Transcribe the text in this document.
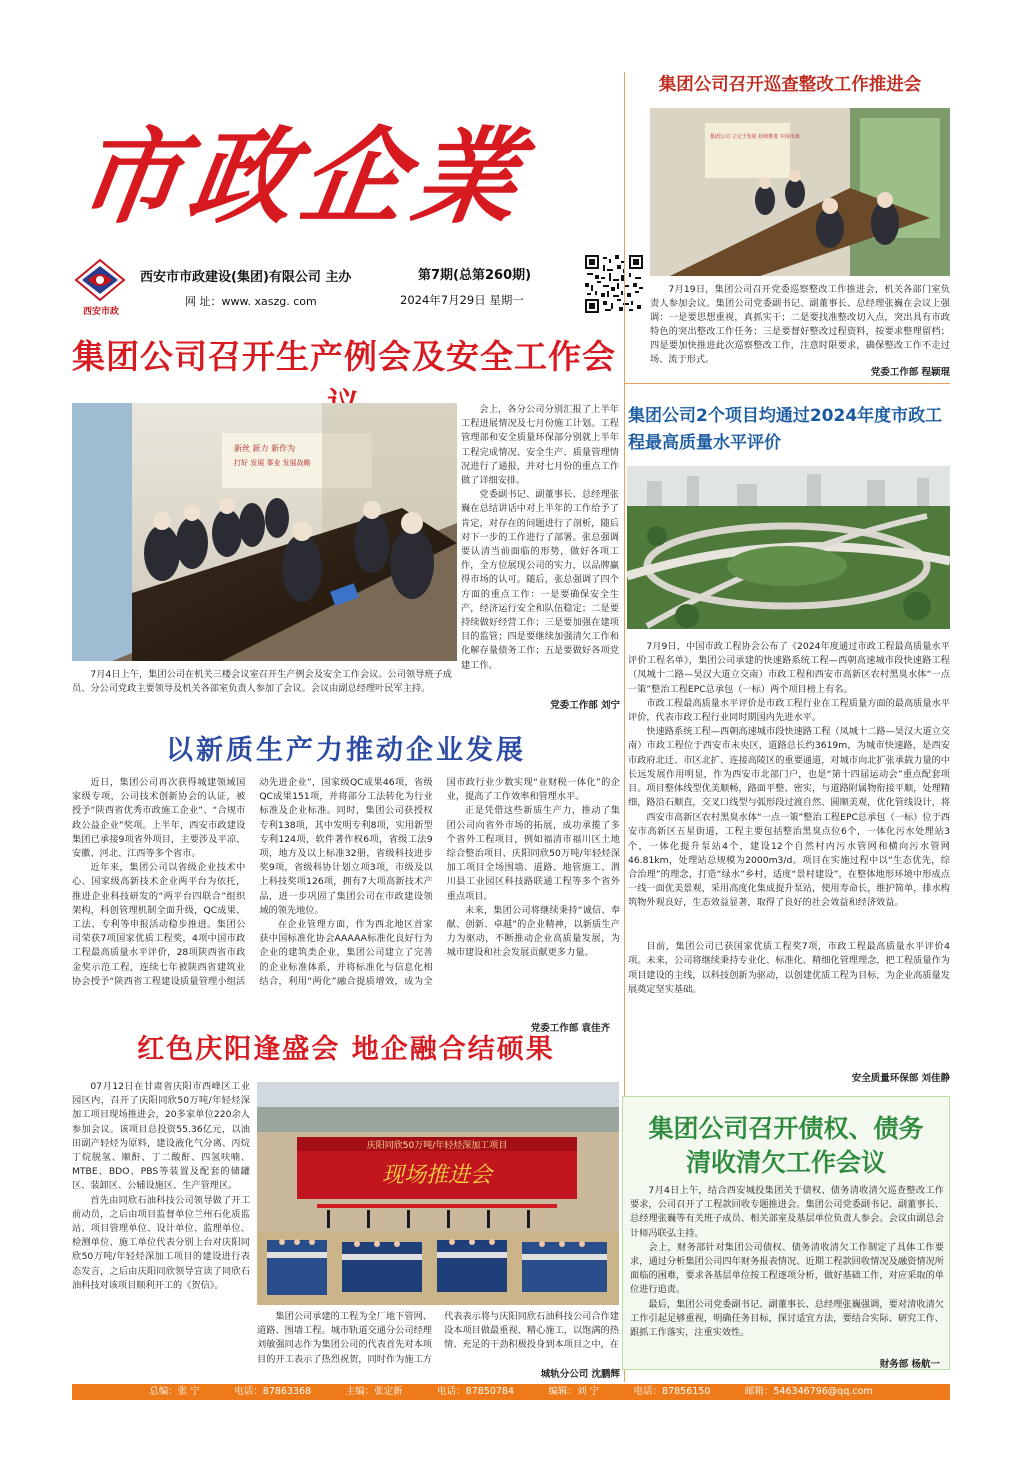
市政企業
西安市政
西安市市政建设(集团)有限公司 主办
网 址：www. xaszg. com
第7期(总第260期)
2024年7月29日 星期一
集团公司召开生产例会及安全工作会
新丝 新力 新作为
打好 发展 事业 发展战略

会上，各分公司分别汇报了上半年工程进展情况及七月份施工计划。工程管理部和安全质量环保部分别就上半年工程完成情况、安全生产、质量管理情况进行了通报，并对七月份的重点工作做了详细安排。

党委副书记、副董事长、总经理张巍在总结讲话中对上半年的工作给予了肯定，对存在的问题进行了剖析，随后对下一步的工作进行了部署。张总强调要认清当前面临的形势，做好各项工作，全方位展现公司的实力，以品牌赢得市场的认可。随后，张总强调了四个方面的重点工作：一是要确保安全生产，经济运行安全和队伍稳定；二是要持续做好经营工作；三是要加强在建项目的监管；四是要继续加强清欠工作和化解存量债务工作；五是要做好各项党建工作。

7月4日上午，集团公司在机关三楼会议室召开生产例会及安全工作会议。公司领导班子成员、分公司党政主要领导及机关各部室负责人参加了会议。会议由副总经理叶民军主持。
党委工作部 刘宁
以新质生产力推动企业发展

近日，集团公司再次获得城建领域国家级专项，公司技术创新协会的认证，被授予“陕西省优秀市政施工企业”、“合规市政公益企业”奖项。上半年，西安市政建设集团已承接9项省外项目，主要涉及平凉、安徽、河北、江西等多个省市。

近年来，集团公司以省级企业技术中心、国家级高新技术企业两平台为依托，推进企业科技研发的“两平台四联合”组织架构，科创管理机制全面升级，QC成果、工法、专利等申报活动稳步推进。集团公司荣获7项国家优质工程奖，4项中国市政工程最高质量水平评价，28项陕西省市政金奖示范工程，连续七年被陕西省建筑业协会授予“陕西省工程建设质量管理小组活动先进企业”，国家级QC成果46项，省级QC成果151项，并将部分工法转化为行业标准及企业标准。同时，集团公司获授权专利138项，其中发明专利8项，实用新型专利124项，软件著作权6项，省级工法9项，地方及以上标准32册，省级科技进步奖9项，省级科协计划立项3项，市级及以上科技奖项126项，拥有7大项高新技术产品，进一步巩固了集团公司在市政建设领域的领先地位。

在企业管理方面，作为西北地区首家获中国标准化协会AAAAA标准化良好行为企业的建筑类企业，集团公司建立了完善的企业标准体系，并将标准化与信息化相结合，利用“两化”融合提质增效，成为全国市政行业少数实现“业财税一体化”的企业，提高了工作效率和管理水平。

正是凭借这些新质生产力，推动了集团公司向省外市场的拓展，成功承揽了多个省外工程项目，例如福清市福川区土地综合整治项目、庆阳同欣50万吨/年轻烃深加工项目全场围墙、道路、地管施工、渭川县工业园区科技路联通工程等多个省外重点项目。

未来，集团公司将继续秉持“诚信、奉献、创新、卓越”的企业精神，以新质生产力为驱动，不断推动企业高质量发展，为城市建设和社会发展贡献更多力量。

党委工作部 袁佳齐
红色庆阳逢盛会 地企融合结硕果

07月12日在甘肃省庆阳市西峰区工业园区内，召开了庆阳同欣50万吨/年轻烃深加工项目现场推进会，20多家单位220余人参加会议。该项目总投资55.36亿元，以油田副产轻烃为原料，建设液化气分离、丙烷丁烷脱氢、顺酐、丁二酸酐、四氢呋喃、MTBE、BDO、PBS等装置及配套的储罐区、装卸区、公辅设施区、生产管理区。

首先由同欣石油科技公司领导做了开工前动员，之后由项目监督单位兰州石化质监站、项目管理单位、设计单位、监理单位、检测单位、施工单位代表分别上台对庆阳同欣50万吨/年轻烃深加工项目的建设进行表态发言，之后由庆阳同欣领导宣读了同欣石油科技对该项目顺利开工的《贺信》。

庆阳同欣50万吨/年轻烃深加工项目
现场推进会

集团公司承建的工程为全厂地下管网、道路、围墙工程。城市轨道交通分公司经理刘敏强同志作为集团公司的代表首先对本项目的开工表示了热烈祝贺，同时作为施工方代表表示将与庆阳同欣石油科技公司合作建设本项目做最重视、精心施工，以饱满的热情、充足的干劲积极投身到本项目之中，在

城轨分公司 沈鹏辉
集团公司召开巡查整改工作推进会
集团公司 立足于发展 持续推进 中国市政
7月19日，集团公司召开党委巡察整改工作推进会，机关各部门室负责人参加会议。集团公司党委副书记、副董事长、总经理张巍在会议上强调：一是要思想重视，真抓实干；二是要找准整改切入点，突出具有市政特色的突出整改工作任务；三是要督好整改过程资料，按要求整理留档；四是要加快推进此次巡察整改工作，注意时限要求，确保整改工作不走过场、流于形式。
党委工作部 程颖琨
集团公司2个项目均通过2024年度市政工程最高质量水平评价

7月9日，中国市政工程协会公布了《2024年度通过市政工程最高质量水平评价工程名单》，集团公司承建的快速路系统工程—西朝高速城市段快速路工程（凤城十二路—昊汉大道立交南）市政工程和西安市高新区农村黑臭水体“一点一策”整治工程EPC总承包（一标）两个项目榜上有名。

市政工程最高质量水平评价是市政工程行业在工程质量方面的最高质量水平评价，代表市政工程行业同时期国内先进水平。

快速路系统工程—西朝高速城市段快速路工程（凤城十二路—昊汉大道立交南）市政工程位于西安市未央区，道路总长约3619m，为城市快速路，是西安市政府北迁、市区北扩、连接高陵区的重要通道，对城市向北扩张承载力量的中长远发展作用明显，作为西安市北部门户，也是“第十四届运动会”重点配套项目。项目整体线型优美顺畅，路面平整、密实，与道路附属物衔接平顺，处理精细，路沿石顺直，交叉口线型与弧形段过渡自然、圆顺美观，优化管线设计，将

西安市高新区农村黑臭水体“一点一策”整治工程EPC总承包（一标）位于西安市高新区五星街道，工程主要包括整治黑臭点位6个，一体化污水处理站3个，一体化提升泵站4个，建设12个自然村内污水管网和横向污水管网46.81km，处理站总规模为2000m3/d。项目在实施过程中以“生态优先，综合治理”的理念，打造“绿水”乡村，适度“景村建设”，在整体地形环境中形成点一线一面优美景观，采用高度化集成提升泵站，使用寿命长，维护简单，排水构筑物外观良好，生态效益显著，取得了良好的社会效益和经济效益。

目前，集团公司已获国家优质工程奖7项，市政工程最高质量水平评价4项。未来，公司将继续秉持专业化、标准化、精细化管理理念，把工程质量作为项目建设的主线，以科技创新为驱动，以创建优质工程为目标，为企业高质量发展奠定坚实基础。

安全质量环保部 刘佳静
集团公司召开债权、债务
清收清欠工作会议

7月4日上午，结合西安城投集团关于债权、债务清收清欠巡查整改工作要求，公司召开了工程款回收专题推进会。集团公司党委副书记、副董事长、总经理张巍等有关班子成员、相关部室及基层单位负责人参会。会议由副总会计师冯联弘主持。

会上，财务部针对集团公司债权、债务清收清欠工作制定了具体工作要求，通过分析集团公司四年财务报表情况、近期工程款回收情况及融资情况所面临的困难，要求各基层单位按工程逐项分析，做好基础工作，对应采取的单位进行追责。

最后，集团公司党委副书记、副董事长、总经理张巍强调，要对清收清欠工作引起足够重视，明确任务目标，探讨适宜方法，要结合实际、研究工作、跟抓工作落实，注重实效性。

财务部 杨航一
总编：张 宁	电话：87863368	主编：张定新	电话：87850784	编辑：刘 宁	电话：87856150	邮箱：546346796@qq.com
